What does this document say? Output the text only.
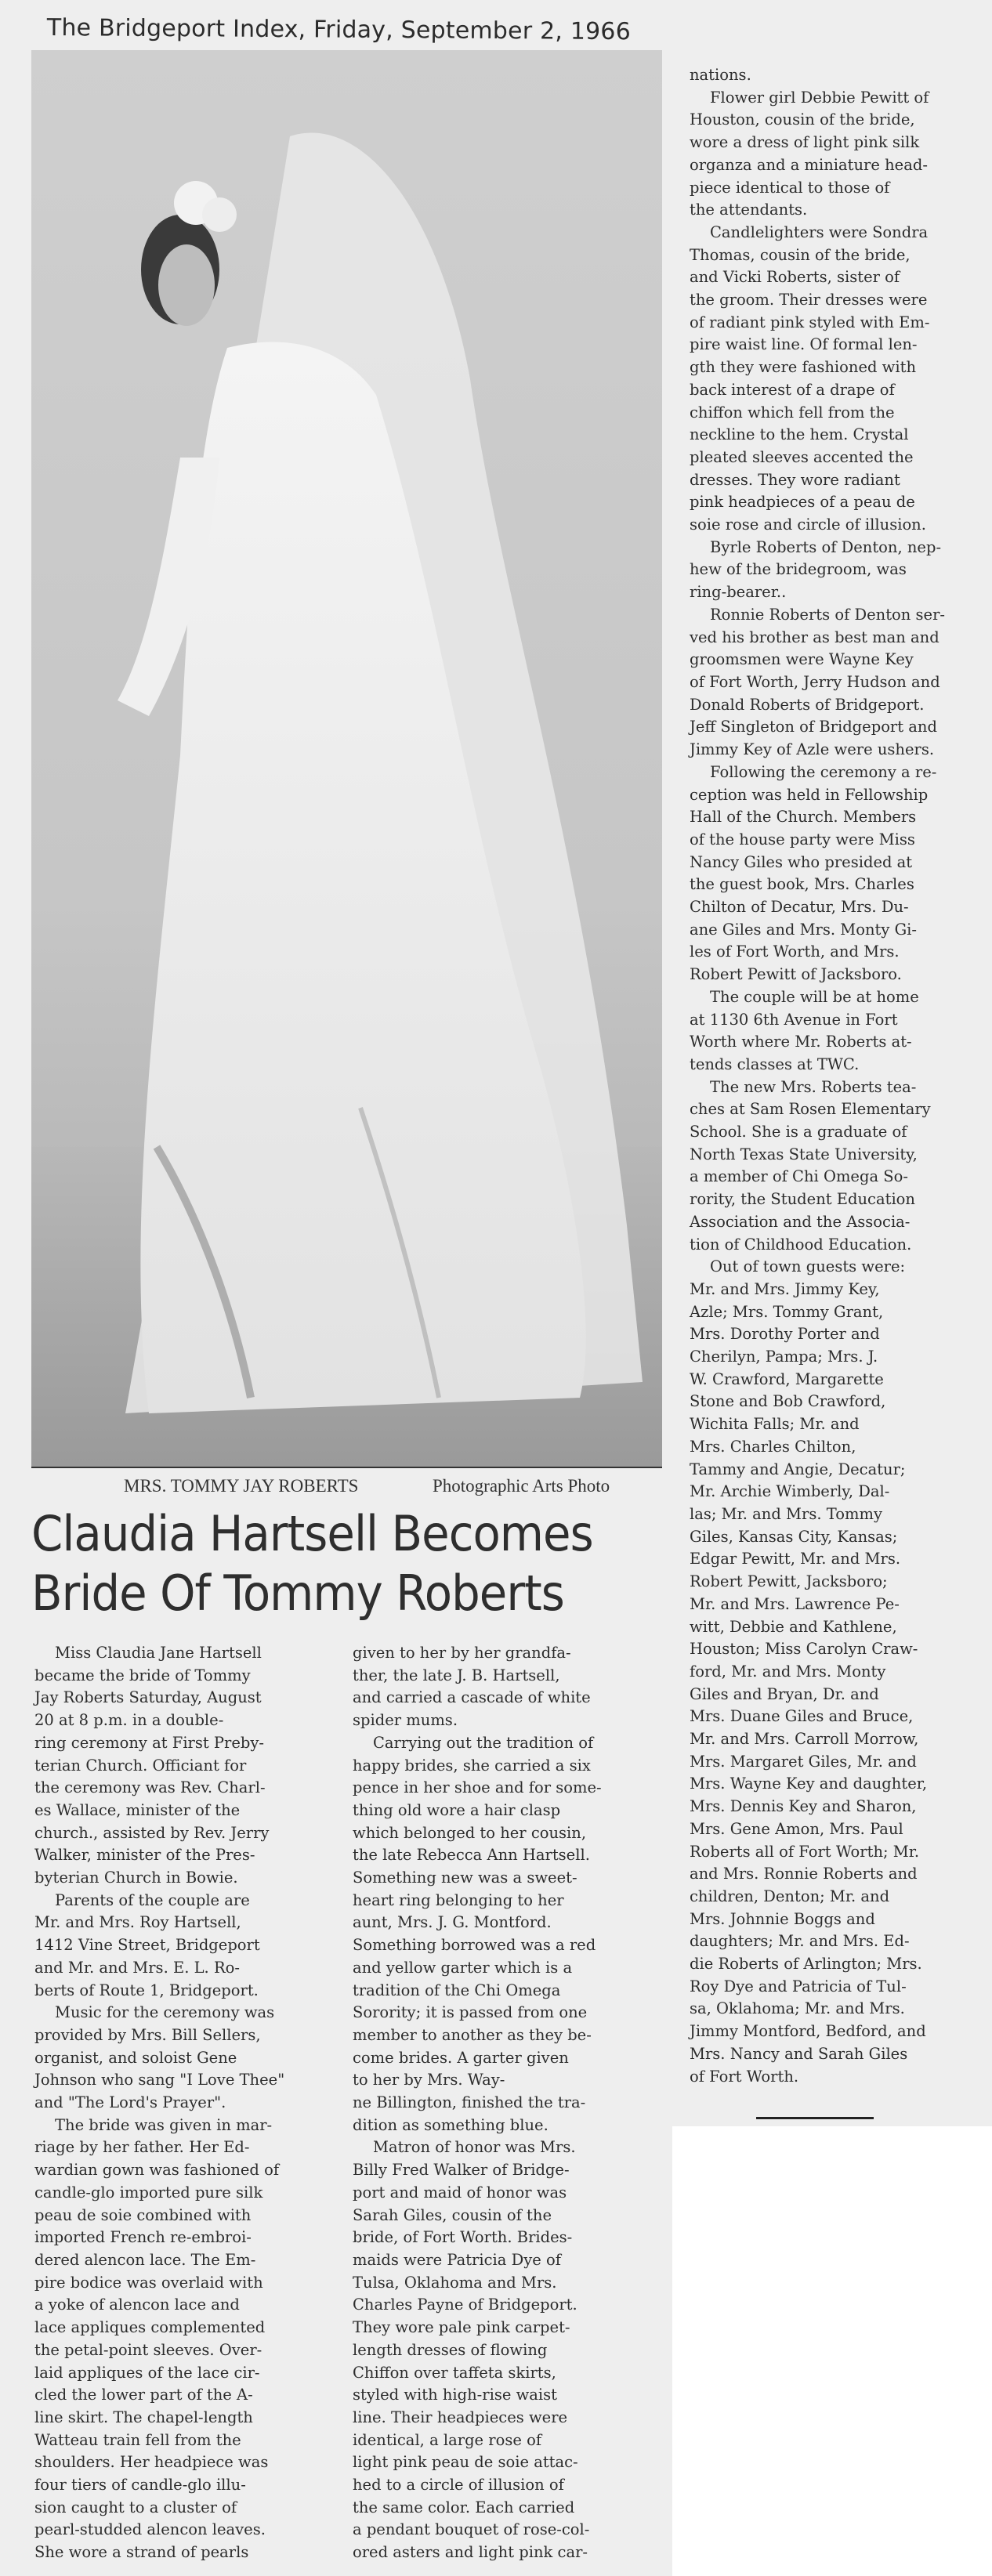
The Bridgeport Index, Friday, September 2, 1966
MRS. TOMMY JAY ROBERTS	Photographic Arts Photo
Claudia Hartsell Becomes
Bride Of Tommy Roberts

Miss Claudia Jane Hartsell
became the bride of Tommy
Jay Roberts Saturday, August
20 at 8 p.m. in a double-
ring ceremony at First Preby-
terian Church. Officiant for
the ceremony was Rev. Charl-
es Wallace, minister of the
church., assisted by Rev. Jerry
Walker, minister of the Pres-
byterian Church in Bowie.

Parents of the couple are
Mr. and Mrs. Roy Hartsell,
1412 Vine Street, Bridgeport
and Mr. and Mrs. E. L. Ro-
berts of Route 1, Bridgeport.

Music for the ceremony was
provided by Mrs. Bill Sellers,
organist, and soloist Gene
Johnson who sang "I Love Thee"
and "The Lord's Prayer".

The bride was given in mar-
riage by her father. Her Ed-
wardian gown was fashioned of
candle-glo imported pure silk
peau de soie combined with
imported French re-embroi-
dered alencon lace. The Em-
pire bodice was overlaid with
a yoke of alencon lace and
lace appliques complemented
the petal-point sleeves. Over-
laid appliques of the lace cir-
cled the lower part of the A-
line skirt. The chapel-length
Watteau train fell from the
shoulders. Her headpiece was
four tiers of candle-glo illu-
sion caught to a cluster of
pearl-studded alencon leaves.
She wore a strand of pearls

given to her by her grandfa-
ther, the late J. B. Hartsell,
and carried a cascade of white
spider mums.

Carrying out the tradition of
happy brides, she carried a six
pence in her shoe and for some-
thing old wore a hair clasp
which belonged to her cousin,
the late Rebecca Ann Hartsell.
Something new was a sweet-
heart ring belonging to her
aunt, Mrs. J. G. Montford.
Something borrowed was a red
and yellow garter which is a
tradition of the Chi Omega
Sorority; it is passed from one
member to another as they be-
come brides. A garter given
to her by Mrs. Way-
ne Billington, finished the tra-
dition as something blue.

Matron of honor was Mrs.
Billy Fred Walker of Bridge-
port and maid of honor was
Sarah Giles, cousin of the
bride, of Fort Worth. Brides-
maids were Patricia Dye of
Tulsa, Oklahoma and Mrs.
Charles Payne of Bridgeport.
They wore pale pink carpet-
length dresses of flowing
Chiffon over taffeta skirts,
styled with high-rise waist
line. Their headpieces were
identical, a large rose of
light pink peau de soie attac-
hed to a circle of illusion of
the same color. Each carried
a pendant bouquet of rose-col-
ored asters and light pink car-

nations.

Flower girl Debbie Pewitt of
Houston, cousin of the bride,
wore a dress of light pink silk
organza and a miniature head-
piece identical to those of
the attendants.

Candlelighters were Sondra
Thomas, cousin of the bride,
and Vicki Roberts, sister of
the groom. Their dresses were
of radiant pink styled with Em-
pire waist line. Of formal len-
gth they were fashioned with
back interest of a drape of
chiffon which fell from the
neckline to the hem. Crystal
pleated sleeves accented the
dresses. They wore radiant
pink headpieces of a peau de
soie rose and circle of illusion.

Byrle Roberts of Denton, nep-
hew of the bridegroom, was
ring-bearer..

Ronnie Roberts of Denton ser-
ved his brother as best man and
groomsmen were Wayne Key
of Fort Worth, Jerry Hudson and
Donald Roberts of Bridgeport.
Jeff Singleton of Bridgeport and
Jimmy Key of Azle were ushers.

Following the ceremony a re-
ception was held in Fellowship
Hall of the Church. Members
of the house party were Miss
Nancy Giles who presided at
the guest book, Mrs. Charles
Chilton of Decatur, Mrs. Du-
ane Giles and Mrs. Monty Gi-
les of Fort Worth, and Mrs.
Robert Pewitt of Jacksboro.

The couple will be at home
at 1130 6th Avenue in Fort
Worth where Mr. Roberts at-
tends classes at TWC.

The new Mrs. Roberts tea-
ches at Sam Rosen Elementary
School. She is a graduate of
North Texas State University,
a member of Chi Omega So-
rority, the Student Education
Association and the Associa-
tion of Childhood Education.

Out of town guests were:
Mr. and Mrs. Jimmy Key,
Azle; Mrs. Tommy Grant,
Mrs. Dorothy Porter and
Cherilyn, Pampa; Mrs. J.
W. Crawford, Margarette
Stone and Bob Crawford,
Wichita Falls; Mr. and
Mrs. Charles Chilton,
Tammy and Angie, Decatur;
Mr. Archie Wimberly, Dal-
las; Mr. and Mrs. Tommy
Giles, Kansas City, Kansas;
Edgar Pewitt, Mr. and Mrs.
Robert Pewitt, Jacksboro;
Mr. and Mrs. Lawrence Pe-
witt, Debbie and Kathlene,
Houston; Miss Carolyn Craw-
ford, Mr. and Mrs. Monty
Giles and Bryan, Dr. and
Mrs. Duane Giles and Bruce,
Mr. and Mrs. Carroll Morrow,
Mrs. Margaret Giles, Mr. and
Mrs. Wayne Key and daughter,
Mrs. Dennis Key and Sharon,
Mrs. Gene Amon, Mrs. Paul
Roberts all of Fort Worth; Mr.
and Mrs. Ronnie Roberts and
children, Denton; Mr. and
Mrs. Johnnie Boggs and
daughters; Mr. and Mrs. Ed-
die Roberts of Arlington; Mrs.
Roy Dye and Patricia of Tul-
sa, Oklahoma; Mr. and Mrs.
Jimmy Montford, Bedford, and
Mrs. Nancy and Sarah Giles
of Fort Worth.
